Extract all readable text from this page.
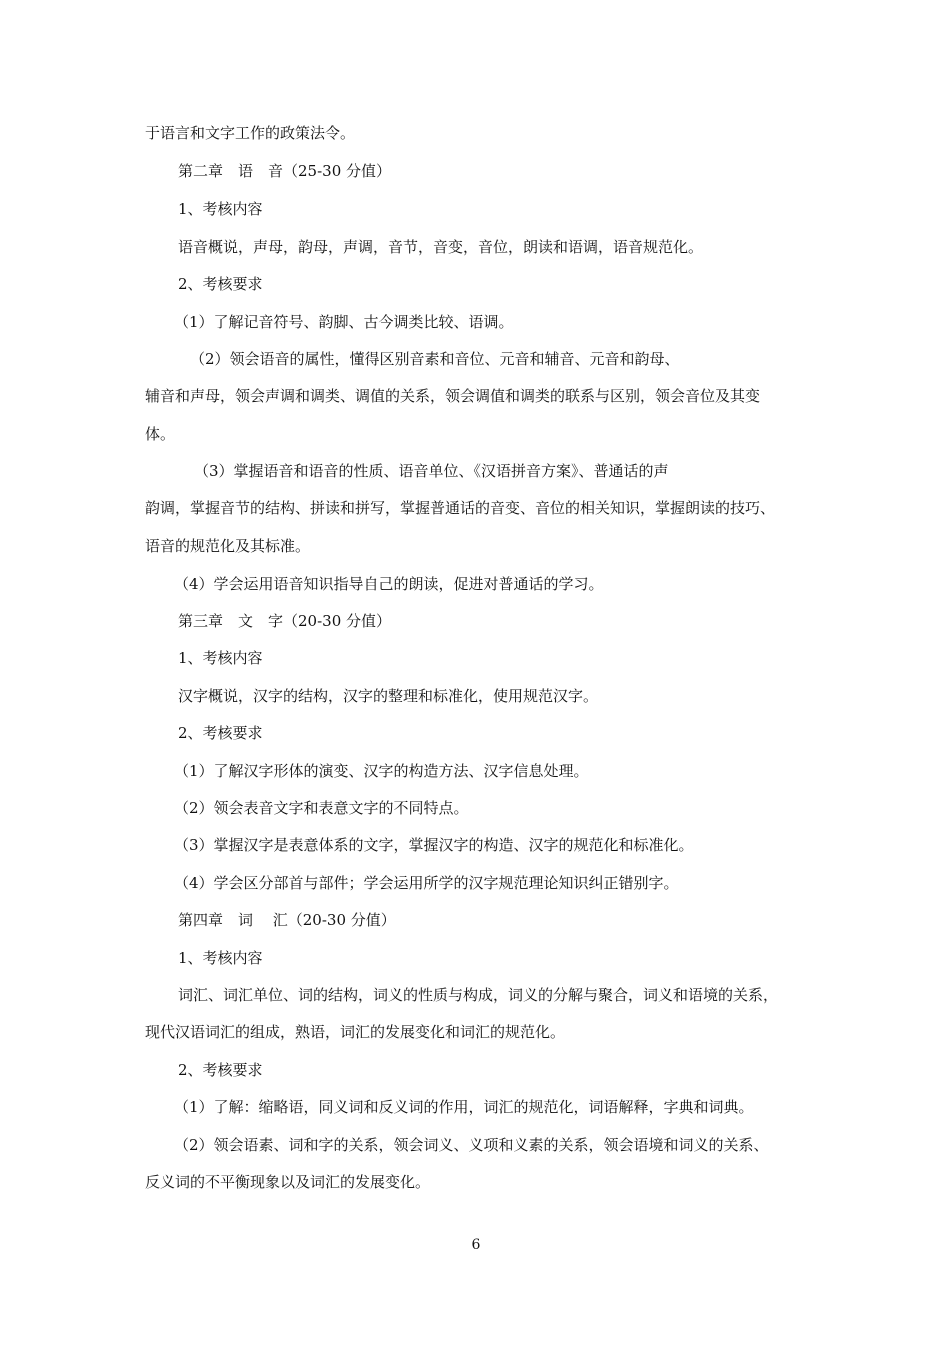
于语言和文字工作的政策法令。
第二章　语　音（25-30 分值）
1、考核内容
语音概说，声母，韵母，声调，音节，音变，音位，朗读和语调，语音规范化。
2、考核要求
（1）了解记音符号、韵脚、古今调类比较、语调。
（2）领会语音的属性，懂得区别音素和音位、元音和辅音、元音和韵母、
辅音和声母，领会声调和调类、调值的关系，领会调值和调类的联系与区别，领会音位及其变
体。
（3）掌握语音和语音的性质、语音单位、《汉语拼音方案》、普通话的声
韵调，掌握音节的结构、拼读和拼写，掌握普通话的音变、音位的相关知识，掌握朗读的技巧、
语音的规范化及其标准。
（4）学会运用语音知识指导自己的朗读，促进对普通话的学习。
第三章　文　字（20-30 分值）
1、考核内容
汉字概说，汉字的结构，汉字的整理和标准化，使用规范汉字。
2、考核要求
（1）了解汉字形体的演变、汉字的构造方法、汉字信息处理。
（2）领会表音文字和表意文字的不同特点。
（3）掌握汉字是表意体系的文字，掌握汉字的构造、汉字的规范化和标准化。
（4）学会区分部首与部件；学会运用所学的汉字规范理论知识纠正错别字。
第四章　词　 汇（20-30 分值）
1、考核内容
词汇、词汇单位、词的结构，词义的性质与构成，词义的分解与聚合，词义和语境的关系，
现代汉语词汇的组成，熟语，词汇的发展变化和词汇的规范化。
2、考核要求
（1）了解：缩略语，同义词和反义词的作用，词汇的规范化，词语解释，字典和词典。
（2）领会语素、词和字的关系，领会词义、义项和义素的关系，领会语境和词义的关系、
反义词的不平衡现象以及词汇的发展变化。
6
